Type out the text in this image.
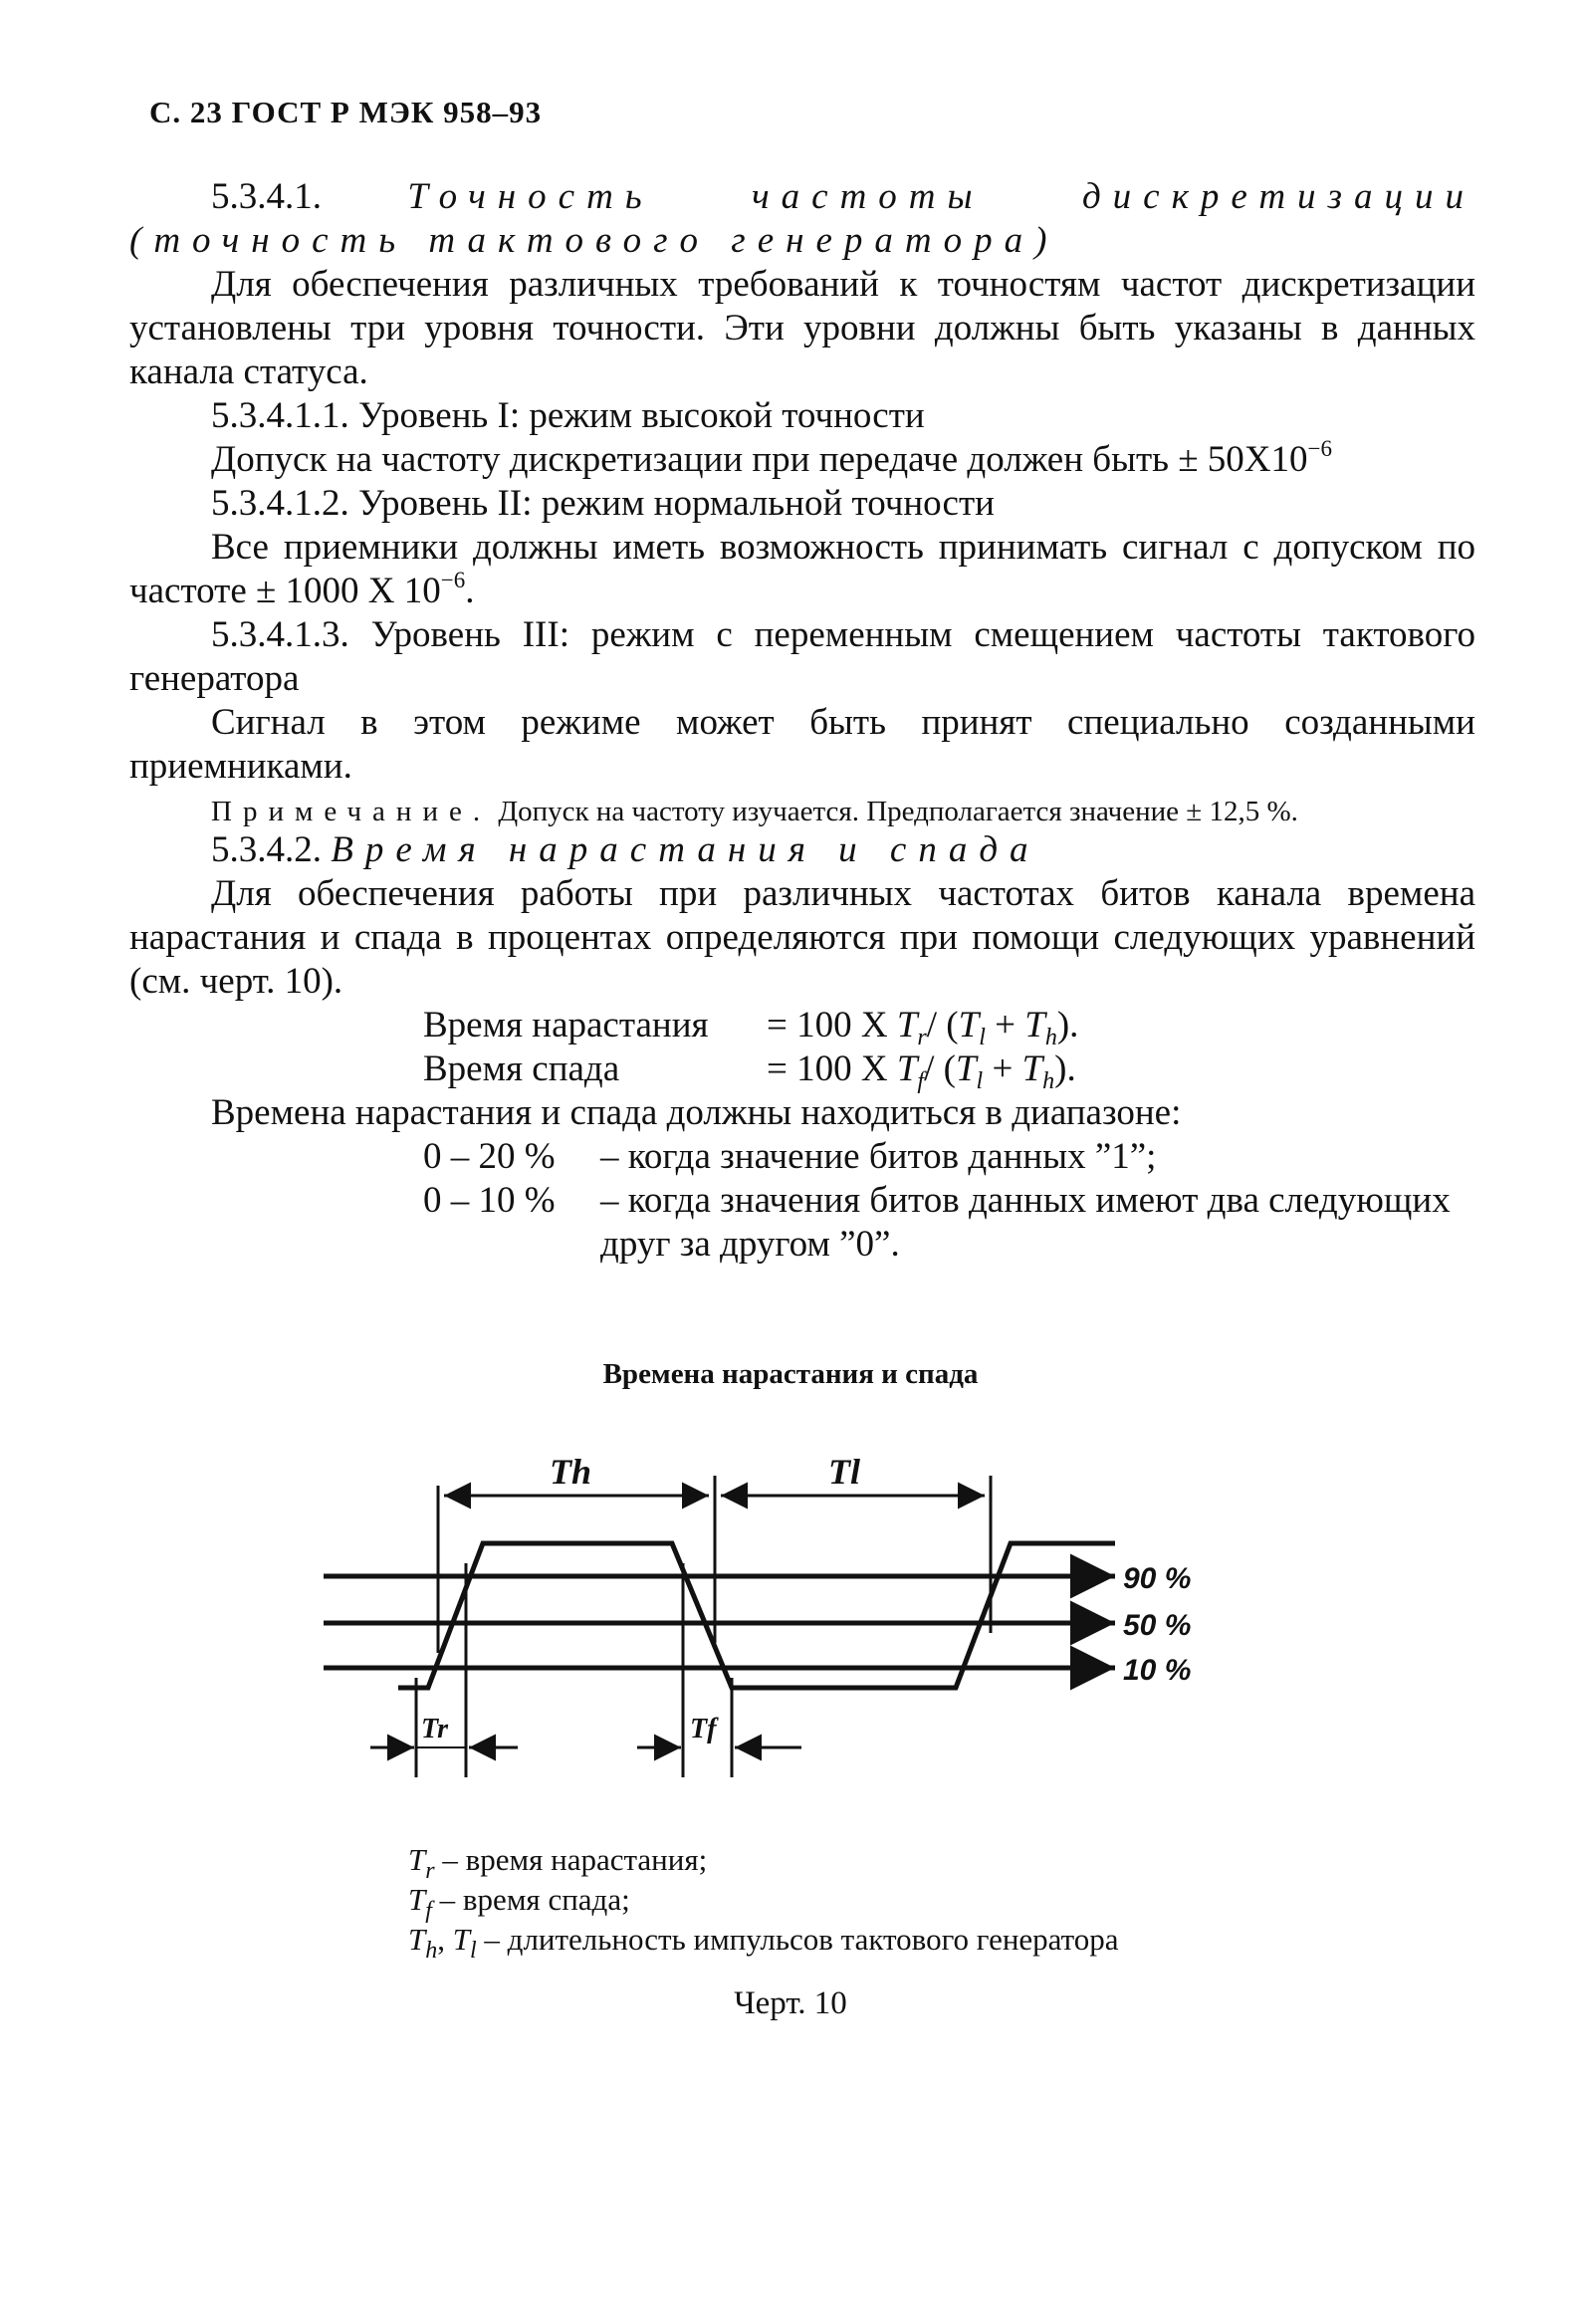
С. 23 ГОСТ Р МЭК 958–93

5.3.4.1. Точность частоты дискретизации (точность тактового генератора)

Для обеспечения различных требований к точностям частот дискретизации установлены три уровня точности. Эти уровни должны быть указаны в данных канала статуса.

5.3.4.1.1. Уровень I: режим высокой точности

Допуск на частоту дискретизации при передаче должен быть ± $50X10^{-6}$

5.3.4.1.2. Уровень II: режим нормальной точности

Все приемники должны иметь возможность принимать сигнал с допуском по частоте ± 1000 X $10^{-6}$.

5.3.4.1.3. Уровень III: режим с переменным смещением частоты тактового генератора

Сигнал в этом режиме может быть принят специально созданными приемниками.

Примечание. Допуск на частоту изучается. Предполагается значение ± 12,5 %.

5.3.4.2. Время нарастания и спада

Для обеспечения работы при различных частотах битов канала времена нарастания и спада в процентах определяются при помощи следующих уравнений (см. черт. 10).

Время нарастания	= 100 X $T_r/$ $(T_l + T_h)$.
Время спада	= 100 X $T_f/$ $(T_l + T_h)$.

Времена нарастания и спада должны находиться в диапазоне:

0 – 20 %	– когда значение битов данных ”1”;
0 – 10 %	– когда значения битов данных имеют два следующих друг за другом ”0”.
Времена нарастания и спада
Th	Tl
Tr	Tf
90 %
50 %
10 %
$T_r$ – время нарастания;
$T_f$ – время спада;
$T_h$, $T_l$ – длительность импульсов тактового генератора
Черт. 10
